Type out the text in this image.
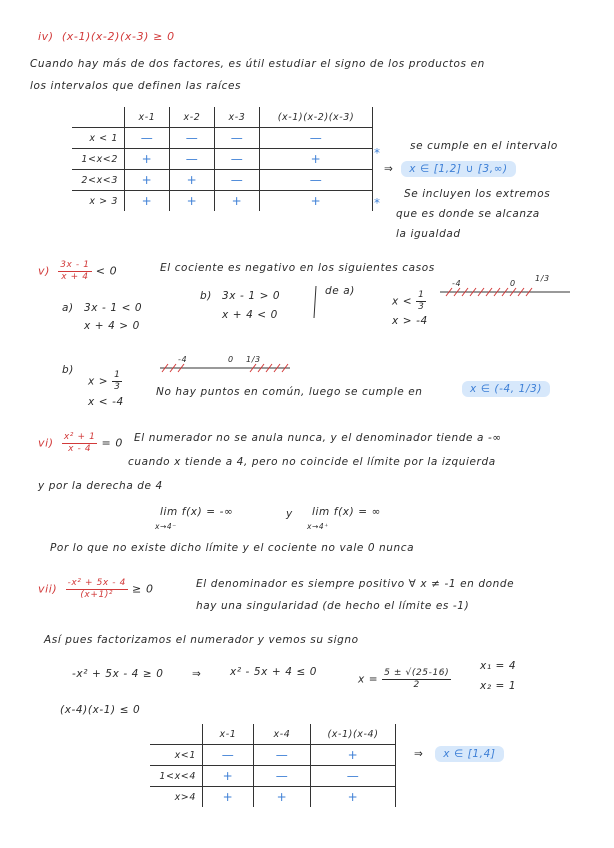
iv) (x-1)(x-2)(x-3) ≥ 0
Cuando hay más de dos factores, es útil estudiar el signo de los productos en
los intervalos que definen las raíces
	x-1	x-2	x-3	(x-1)(x-2)(x-3)
x < 1	—	—	—	—
1<x<2	+	—	—	+
2<x<3	+	+	—	—
x > 3	+	+	+	+
*
*
se cumple en el intervalo
⇒ x ∈ [1,2] ∪ [3,∞)
Se incluyen los extremos
que es donde se alcanza
la igualdad
$v) \frac{3x - 1}{x + 4} < 0$	El cociente es negativo en los siguientes casos
a) 3x - 1 < 0
x + 4 > 0
b) 3x - 1 > 0
x + 4 < 0
de a)
$x < \frac{1}{3}$
x > -4
-4	0
1/3
b)
$x > \frac{1}{3}$
x < -4
-4	0 1/3
No hay puntos en común, luego se cumple en	x ∈ (-4, 1/3)
$vi) \frac{\text{x² + 1}}{x - 4} = 0$ El numerador no se anula nunca, y el denominador tiende a -∞
cuando x tiende a 4, pero no coincide el límite por la izquierda
y por la derecha de 4
lim f(x) = -∞
x→4⁻
y lim f(x) = ∞
x→4⁺
Por lo que no existe dicho límite y el cociente no vale 0 nunca
$vii) \frac{\text{-x² + 5x - 4}}{\text{(x+1)²}} \ge 0$	El denominador es siempre positivo ∀ x ≠ -1 en donde
hay una singularidad (de hecho el límite es -1)
Así pues factorizamos el numerador y vemos su signo
-x² + 5x - 4 ≥ 0	⇒	x² - 5x + 4 ≤ 0
$x = \frac{5 \pm √(25-16)}{2}$
x₁ = 4
x₂ = 1
(x-4)(x-1) ≤ 0
	x-1	x-4	(x-1)(x-4)
x<1	—	—	+
1<x<4	+	—	—
x>4	+	+	+
⇒ x ∈ [1,4]
